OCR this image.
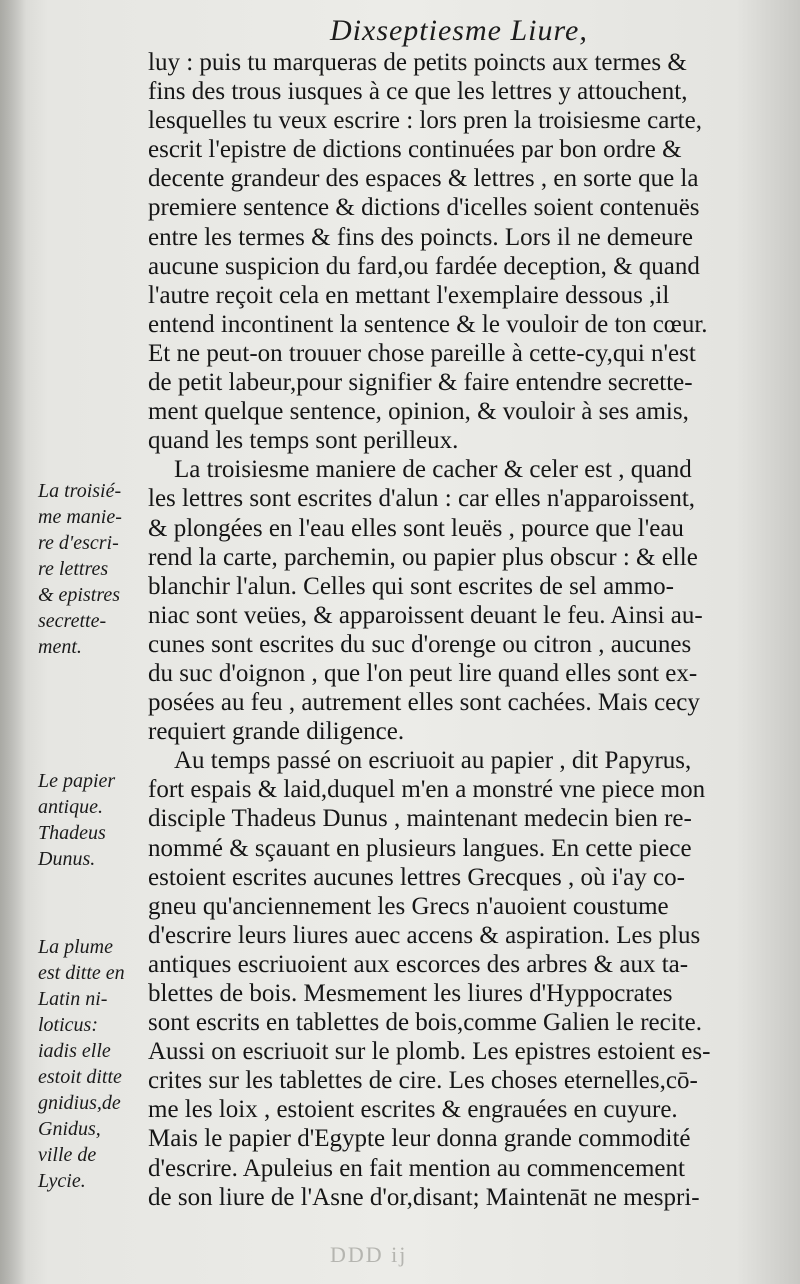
Dixseptiesme Liure,
luy : puis tu marqueras de petits poincts aux termes &
fins des trous iusques à ce que les lettres y attouchent,
lesquelles tu veux escrire : lors pren la troisiesme carte,
escrit l'epistre de dictions continuées par bon ordre &
decente grandeur des espaces & lettres , en sorte que la
premiere sentence & dictions d'icelles soient contenuës
entre les termes & fins des poincts. Lors il ne demeure
aucune suspicion du fard,ou fardée deception, & quand
l'autre reçoit cela en mettant l'exemplaire dessous ,il
entend incontinent la sentence & le vouloir de ton cœur.
Et ne peut-on trouuer chose pareille à cette-cy,qui n'est
de petit labeur,pour signifier & faire entendre secrette-
ment quelque sentence, opinion, & vouloir à ses amis,
quand les temps sont perilleux.
La troisiesme maniere de cacher & celer est , quand
les lettres sont escrites d'alun : car elles n'apparoissent,
& plongées en l'eau elles sont leuës , pource que l'eau
rend la carte, parchemin, ou papier plus obscur : & elle
blanchir l'alun. Celles qui sont escrites de sel ammo-
niac sont veües, & apparoissent deuant le feu. Ainsi au-
cunes sont escrites du suc d'orenge ou citron , aucunes
du suc d'oignon , que l'on peut lire quand elles sont ex-
posées au feu , autrement elles sont cachées. Mais cecy
requiert grande diligence.
Au temps passé on escriuoit au papier , dit Papyrus,
fort espais & laid,duquel m'en a monstré vne piece mon
disciple Thadeus Dunus , maintenant medecin bien re-
nommé & sçauant en plusieurs langues. En cette piece
estoient escrites aucunes lettres Grecques , où i'ay co-
gneu qu'anciennement les Grecs n'auoient coustume
d'escrire leurs liures auec accens & aspiration. Les plus
antiques escriuoient aux escorces des arbres & aux ta-
blettes de bois. Mesmement les liures d'Hyppocrates
sont escrits en tablettes de bois,comme Galien le recite.
Aussi on escriuoit sur le plomb. Les epistres estoient es-
crites sur les tablettes de cire. Les choses eternelles,cō-
me les loix , estoient escrites & engrauées en cuyure.
Mais le papier d'Egypte leur donna grande commodité
d'escrire. Apuleius en fait mention au commencement
de son liure de l'Asne d'or,disant; Maintenāt ne mespri-
La troisié-
me manie-
re d'escri-
re lettres
& epistres
secrette-
ment.
Le papier
antique.
Thadeus
Dunus.
La plume
est ditte en
Latin ni-
loticus:
iadis elle
estoit ditte
gnidius,de
Gnidus,
ville de
Lycie.
DDD ij
